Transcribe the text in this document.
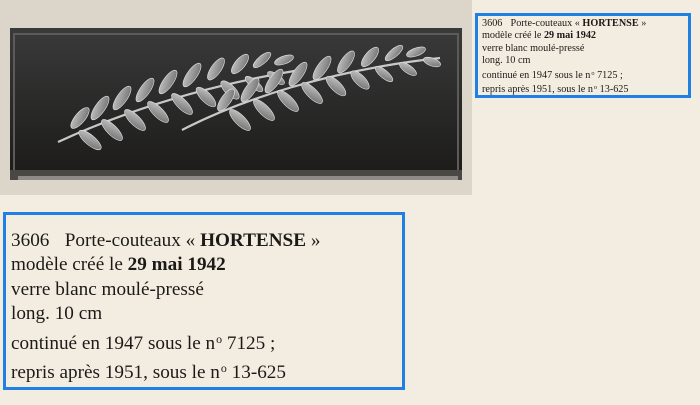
3606 Porte-couteaux « HORTENSE »
modèle créé le 29 mai 1942
verre blanc moulé-pressé
long. 10 cm
continué en 1947 sous le $n^o$ 7125 ;
repris après 1951, sous le $n^o$ 13-625
3606 Porte-couteaux « HORTENSE »
modèle créé le 29 mai 1942
verre blanc moulé-pressé
long. 10 cm
continué en 1947 sous le $n^o$ 7125 ;
repris après 1951, sous le $n^o$ 13-625
